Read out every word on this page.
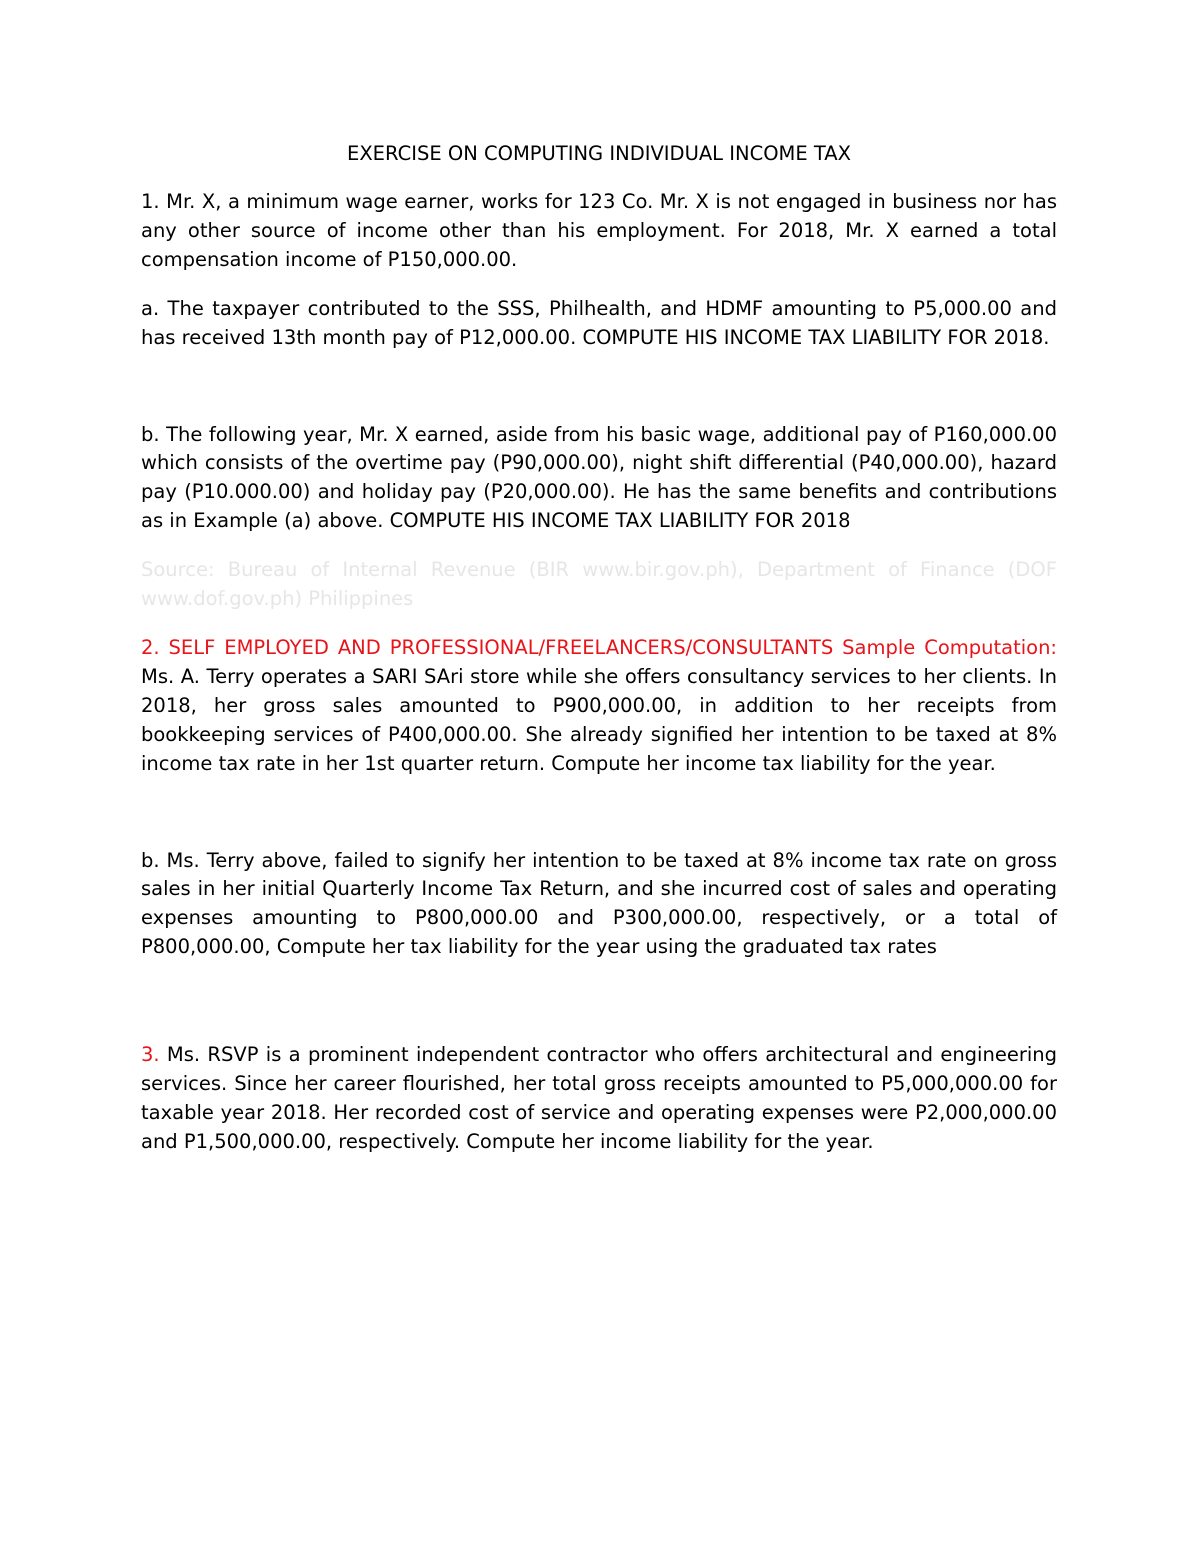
EXERCISE ON COMPUTING INDIVIDUAL INCOME TAX

1. Mr. X, a minimum wage earner, works for 123 Co. Mr. X is not engaged in business nor has any other source of income other than his employment. For 2018, Mr. X earned a total compensation income of P150,000.00.

a. The taxpayer contributed to the SSS, Philhealth, and HDMF amounting to P5,000.00 and has received 13th month pay of P12,000.00. COMPUTE HIS INCOME TAX LIABILITY FOR 2018.

b. The following year, Mr. X earned, aside from his basic wage, additional pay of P160,000.00 which consists of the overtime pay (P90,000.00), night shift differential (P40,000.00), hazard pay (P10.000.00) and holiday pay (P20,000.00). He has the same benefits and contributions as in Example (a) above. COMPUTE HIS INCOME TAX LIABILITY FOR 2018

Source: Bureau of Internal Revenue (BIR www.bir.gov.ph), Department of Finance (DOF www.dof.gov.ph) Philippines

2. SELF EMPLOYED AND PROFESSIONAL/FREELANCERS/CONSULTANTS Sample Computation: Ms. A. Terry operates a SARI SAri store while she offers consultancy services to her clients. In 2018, her gross sales amounted to P900,000.00, in addition to her receipts from bookkeeping services of P400,000.00. She already signified her intention to be taxed at 8% income tax rate in her 1st quarter return. Compute her income tax liability for the year.

b. Ms. Terry above, failed to signify her intention to be taxed at 8% income tax rate on gross sales in her initial Quarterly Income Tax Return, and she incurred cost of sales and operating expenses amounting to P800,000.00 and P300,000.00, respectively, or a total of P800,000.00, Compute her tax liability for the year using the graduated tax rates

3. Ms. RSVP is a prominent independent contractor who offers architectural and engineering services. Since her career flourished, her total gross receipts amounted to P5,000,000.00 for taxable year 2018. Her recorded cost of service and operating expenses were P2,000,000.00 and P1,500,000.00, respectively. Compute her income liability for the year.
